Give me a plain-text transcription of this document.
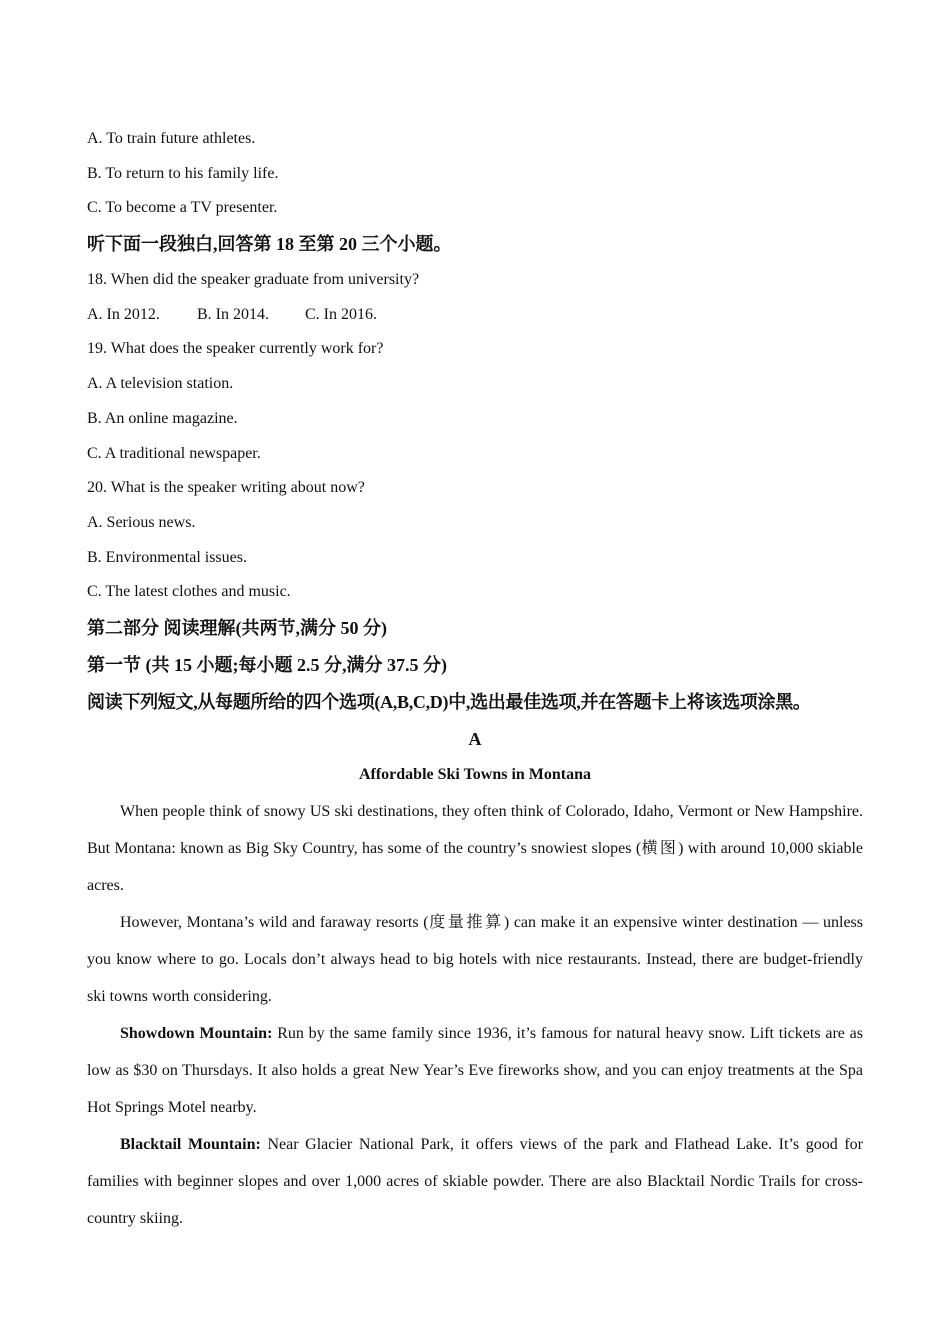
A. To train future athletes.
B. To return to his family life.
C. To become a TV presenter.
听下面一段独白,回答第 18 至第 20 三个小题。
18. When did the speaker graduate from university?
A. In 2012. B. In 2014. C. In 2016.
19. What does the speaker currently work for?
A. A television station.
B. An online magazine.
C. A traditional newspaper.
20. What is the speaker writing about now?
A. Serious news.
B. Environmental issues.
C. The latest clothes and music.
第二部分 阅读理解(共两节,满分 50 分)
第一节 (共 15 小题;每小题 2.5 分,满分 37.5 分)
阅读下列短文,从每题所给的四个选项(A,B,C,D)中,选出最佳选项,并在答题卡上将该选项涂黑。
A
Affordable Ski Towns in Montana

When people think of snowy US ski destinations, they often think of Colorado, Idaho, Vermont or New Hampshire. But Montana: known as Big Sky Country, has some of the country’s snowiest slopes (横图) with around 10,000 skiable acres.

However, Montana’s wild and faraway resorts (度量推算) can make it an expensive winter destination — unless you know where to go. Locals don’t always head to big hotels with nice restaurants. Instead, there are budget-friendly ski towns worth considering.

Showdown Mountain: Run by the same family since 1936, it’s famous for natural heavy snow. Lift tickets are as low as $30 on Thursdays. It also holds a great New Year’s Eve fireworks show, and you can enjoy treatments at the Spa Hot Springs Motel nearby.

Blacktail Mountain: Near Glacier National Park, it offers views of the park and Flathead Lake. It’s good for families with beginner slopes and over 1,000 acres of skiable powder. There are also Blacktail Nordic Trails for cross-country skiing.
